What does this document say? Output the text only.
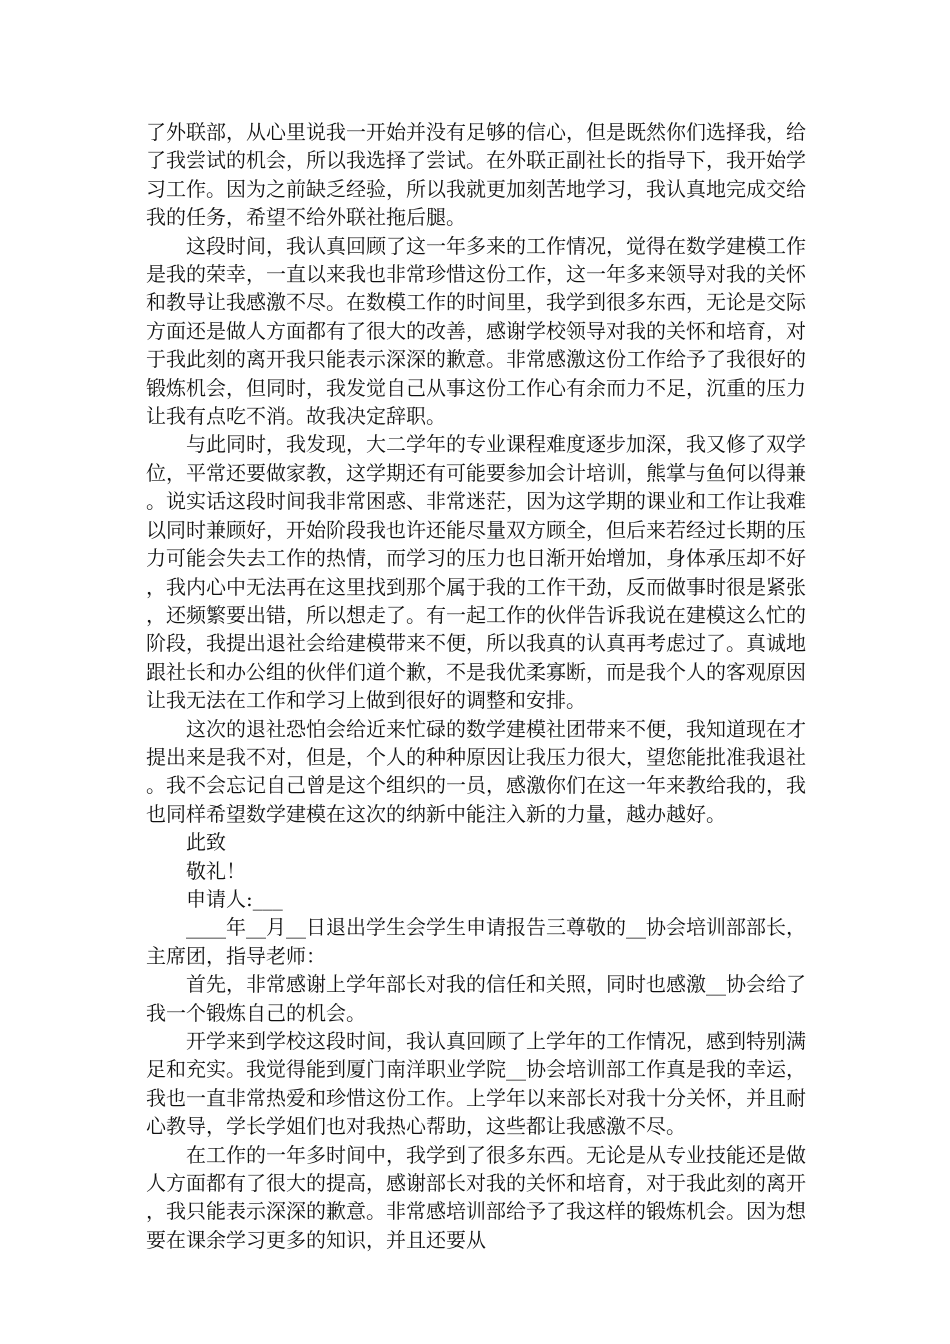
了外联部，从心里说我一开始并没有足够的信心，但是既然你们选择我，给了我尝试的机会，所以我选择了尝试。在外联正副社长的指导下，我开始学习工作。因为之前缺乏经验，所以我就更加刻苦地学习，我认真地完成交给我的任务，希望不给外联社拖后腿。

这段时间，我认真回顾了这一年多来的工作情况，觉得在数学建模工作是我的荣幸，一直以来我也非常珍惜这份工作，这一年多来领导对我的关怀和教导让我感激不尽。在数模工作的时间里，我学到很多东西，无论是交际方面还是做人方面都有了很大的改善，感谢学校领导对我的关怀和培育，对于我此刻的离开我只能表示深深的歉意。非常感激这份工作给予了我很好的锻炼机会，但同时，我发觉自己从事这份工作心有余而力不足，沉重的压力让我有点吃不消。故我决定辞职。

与此同时，我发现，大二学年的专业课程难度逐步加深，我又修了双学位，平常还要做家教，这学期还有可能要参加会计培训，熊掌与鱼何以得兼。说实话这段时间我非常困惑、非常迷茫，因为这学期的课业和工作让我难以同时兼顾好，开始阶段我也许还能尽量双方顾全，但后来若经过长期的压力可能会失去工作的热情，而学习的压力也日渐开始增加，身体承压却不好，我内心中无法再在这里找到那个属于我的工作干劲，反而做事时很是紧张，还频繁要出错，所以想走了。有一起工作的伙伴告诉我说在建模这么忙的阶段，我提出退社会给建模带来不便，所以我真的认真再考虑过了。真诚地跟社长和办公组的伙伴们道个歉，不是我优柔寡断，而是我个人的客观原因让我无法在工作和学习上做到很好的调整和安排。

这次的退社恐怕会给近来忙碌的数学建模社团带来不便，我知道现在才提出来是我不对，但是，个人的种种原因让我压力很大，望您能批准我退社。我不会忘记自己曾是这个组织的一员，感激你们在这一年来教给我的，我也同样希望数学建模在这次的纳新中能注入新的力量，越办越好。

此致

敬礼！

申请人:___

____年__月__日退出学生会学生申请报告三尊敬的__协会培训部部长，主席团，指导老师：

首先，非常感谢上学年部长对我的信任和关照，同时也感激__协会给了我一个锻炼自己的机会。

开学来到学校这段时间，我认真回顾了上学年的工作情况，感到特别满足和充实。我觉得能到厦门南洋职业学院__协会培训部工作真是我的幸运，我也一直非常热爱和珍惜这份工作。上学年以来部长对我十分关怀，并且耐心教导，学长学姐们也对我热心帮助，这些都让我感激不尽。

在工作的一年多时间中，我学到了很多东西。无论是从专业技能还是做人方面都有了很大的提高，感谢部长对我的关怀和培育，对于我此刻的离开，我只能表示深深的歉意。非常感培训部给予了我这样的锻炼机会。因为想要在课余学习更多的知识，并且还要从
